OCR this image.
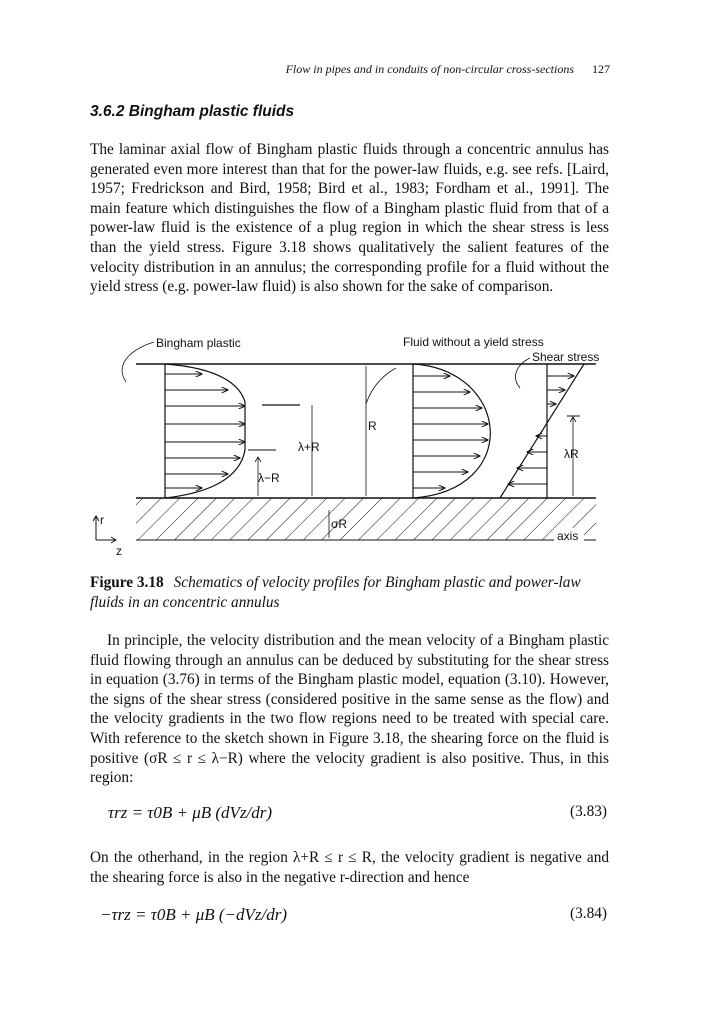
Flow in pipes and in conduits of non-circular cross-sections 127
3.6.2 Bingham plastic fluids

The laminar axial flow of Bingham plastic fluids through a concentric annulus has generated even more interest than that for the power-law fluids, e.g. see refs. [Laird, 1957; Fredrickson and Bird, 1958; Bird et al., 1983; Fordham et al., 1991]. The main feature which distinguishes the flow of a Bingham plastic fluid from that of a power-law fluid is the existence of a plug region in which the shear stress is less than the yield stress. Figure 3.18 shows qualitatively the salient features of the velocity distribution in an annulus; the corresponding profile for a fluid without the yield stress (e.g. power-law fluid) is also shown for the sake of comparison.

λ+R
λ−R
R
σR
λR
Bingham plastic	Fluid without a yield stress
Shear stress
axis
r
z
Figure 3.18 Schematics of velocity profiles for Bingham plastic and power-law fluids in an concentric annulus

In principle, the velocity distribution and the mean velocity of a Bingham plastic fluid flowing through an annulus can be deduced by substituting for the shear stress in equation (3.76) in terms of the Bingham plastic model, equation (3.10). However, the signs of the shear stress (considered positive in the same sense as the flow) and the velocity gradients in the two flow regions need to be treated with special care. With reference to the sketch shown in Figure 3.18, the shearing force on the fluid is positive (σR ≤ r ≤ λ−R) where the velocity gradient is also positive. Thus, in this region:

τrz = τ0B + μB (dVz/dr)	(3.83)

On the otherhand, in the region λ+R ≤ r ≤ R, the velocity gradient is negative and the shearing force is also in the negative r-direction and hence

−τrz = τ0B + μB (−dVz/dr)	(3.84)
